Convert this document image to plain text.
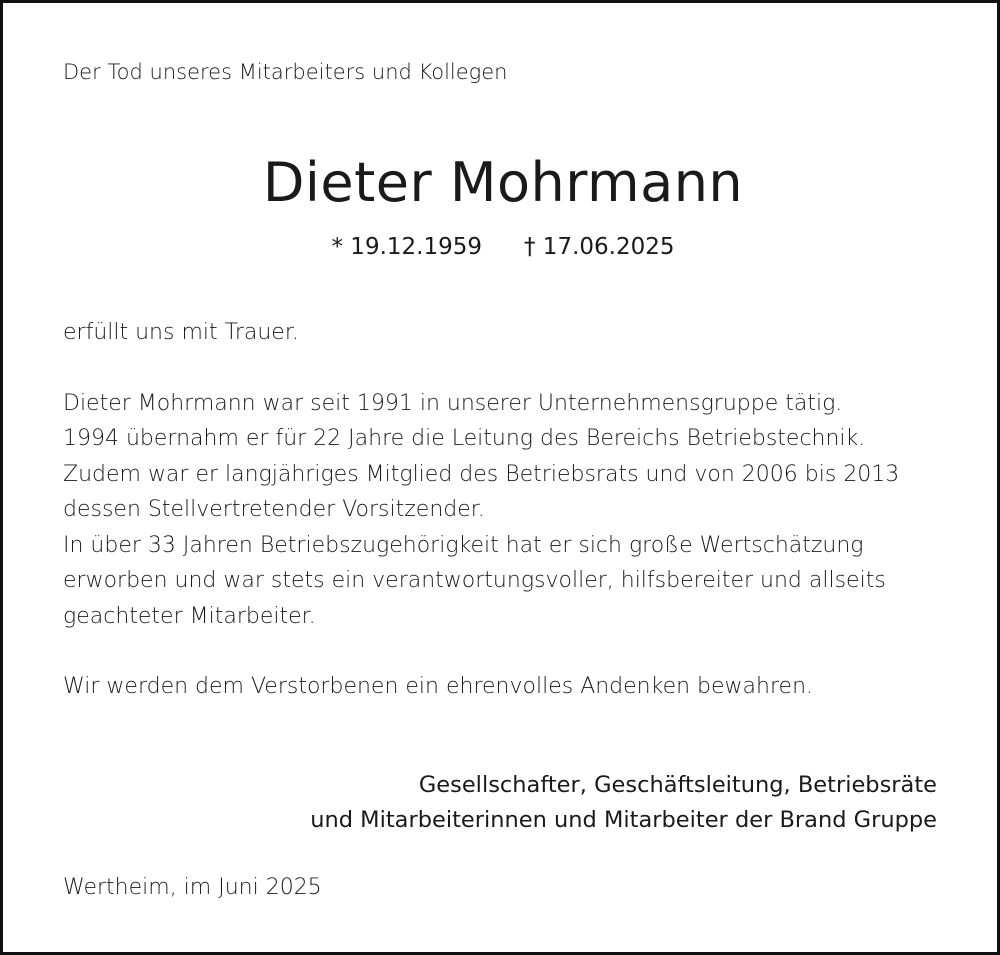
Der Tod unseres Mitarbeiters und Kollegen
Dieter Mohrmann
* 19.12.1959 † 17.06.2025

erfüllt uns mit Trauer.

Dieter Mohrmann war seit 1991 in unserer Unternehmensgruppe tätig.

1994 übernahm er für 22 Jahre die Leitung des Bereichs Betriebstechnik.

Zudem war er langjähriges Mitglied des Betriebsrats und von 2006 bis 2013

dessen Stellvertretender Vorsitzender.

In über 33 Jahren Betriebszugehörigkeit hat er sich große Wertschätzung

erworben und war stets ein verantwortungsvoller, hilfsbereiter und allseits

geachteter Mitarbeiter.

Wir werden dem Verstorbenen ein ehrenvolles Andenken bewahren.

Gesellschafter, Geschäftsleitung, Betriebsräte

und Mitarbeiterinnen und Mitarbeiter der Brand Gruppe

Wertheim, im Juni 2025
